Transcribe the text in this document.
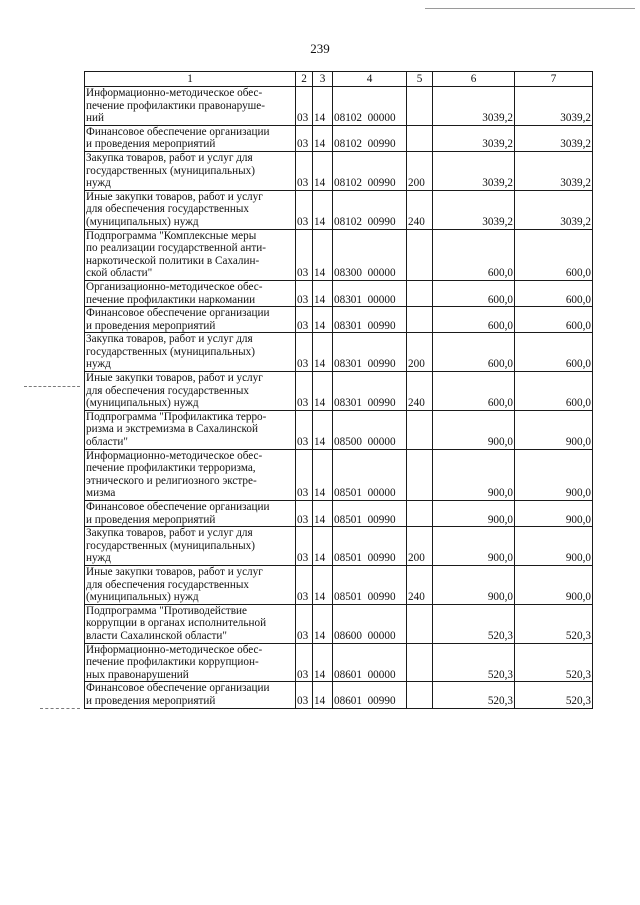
239
1	2	3	4	5	6	7
Информационно-методическое обес-
печение профилактики правонаруше-
ний	03	14	08102  00000		3039,2	3039,2
Финансовое обеспечение организации
и проведения мероприятий	03	14	08102  00990		3039,2	3039,2
Закупка товаров, работ и услуг для
государственных (муниципальных)
нужд	03	14	08102  00990	200	3039,2	3039,2
Иные закупки товаров, работ и услуг
для обеспечения государственных
(муниципальных) нужд	03	14	08102  00990	240	3039,2	3039,2
Подпрограмма "Комплексные меры
по реализации государственной анти-
наркотической политики в Сахалин-
ской области"	03	14	08300  00000		600,0	600,0
Организационно-методическое обес-
печение профилактики наркомании	03	14	08301  00000		600,0	600,0
Финансовое обеспечение организации
и проведения мероприятий	03	14	08301  00990		600,0	600,0
Закупка товаров, работ и услуг для
государственных (муниципальных)
нужд	03	14	08301  00990	200	600,0	600,0
Иные закупки товаров, работ и услуг
для обеспечения государственных
(муниципальных) нужд	03	14	08301  00990	240	600,0	600,0
Подпрограмма "Профилактика терро-
ризма и экстремизма в Сахалинской
области"	03	14	08500  00000		900,0	900,0
Информационно-методическое обес-
печение профилактики терроризма,
этнического и религиозного экстре-
мизма	03	14	08501  00000		900,0	900,0
Финансовое обеспечение организации
и проведения мероприятий	03	14	08501  00990		900,0	900,0
Закупка товаров, работ и услуг для
государственных (муниципальных)
нужд	03	14	08501  00990	200	900,0	900,0
Иные закупки товаров, работ и услуг
для обеспечения государственных
(муниципальных) нужд	03	14	08501  00990	240	900,0	900,0
Подпрограмма "Противодействие
коррупции в органах исполнительной
власти Сахалинской области"	03	14	08600  00000		520,3	520,3
Информационно-методическое обес-
печение профилактики коррупцион-
ных правонарушений	03	14	08601  00000		520,3	520,3
Финансовое обеспечение организации
и проведения мероприятий	03	14	08601  00990		520,3	520,3
